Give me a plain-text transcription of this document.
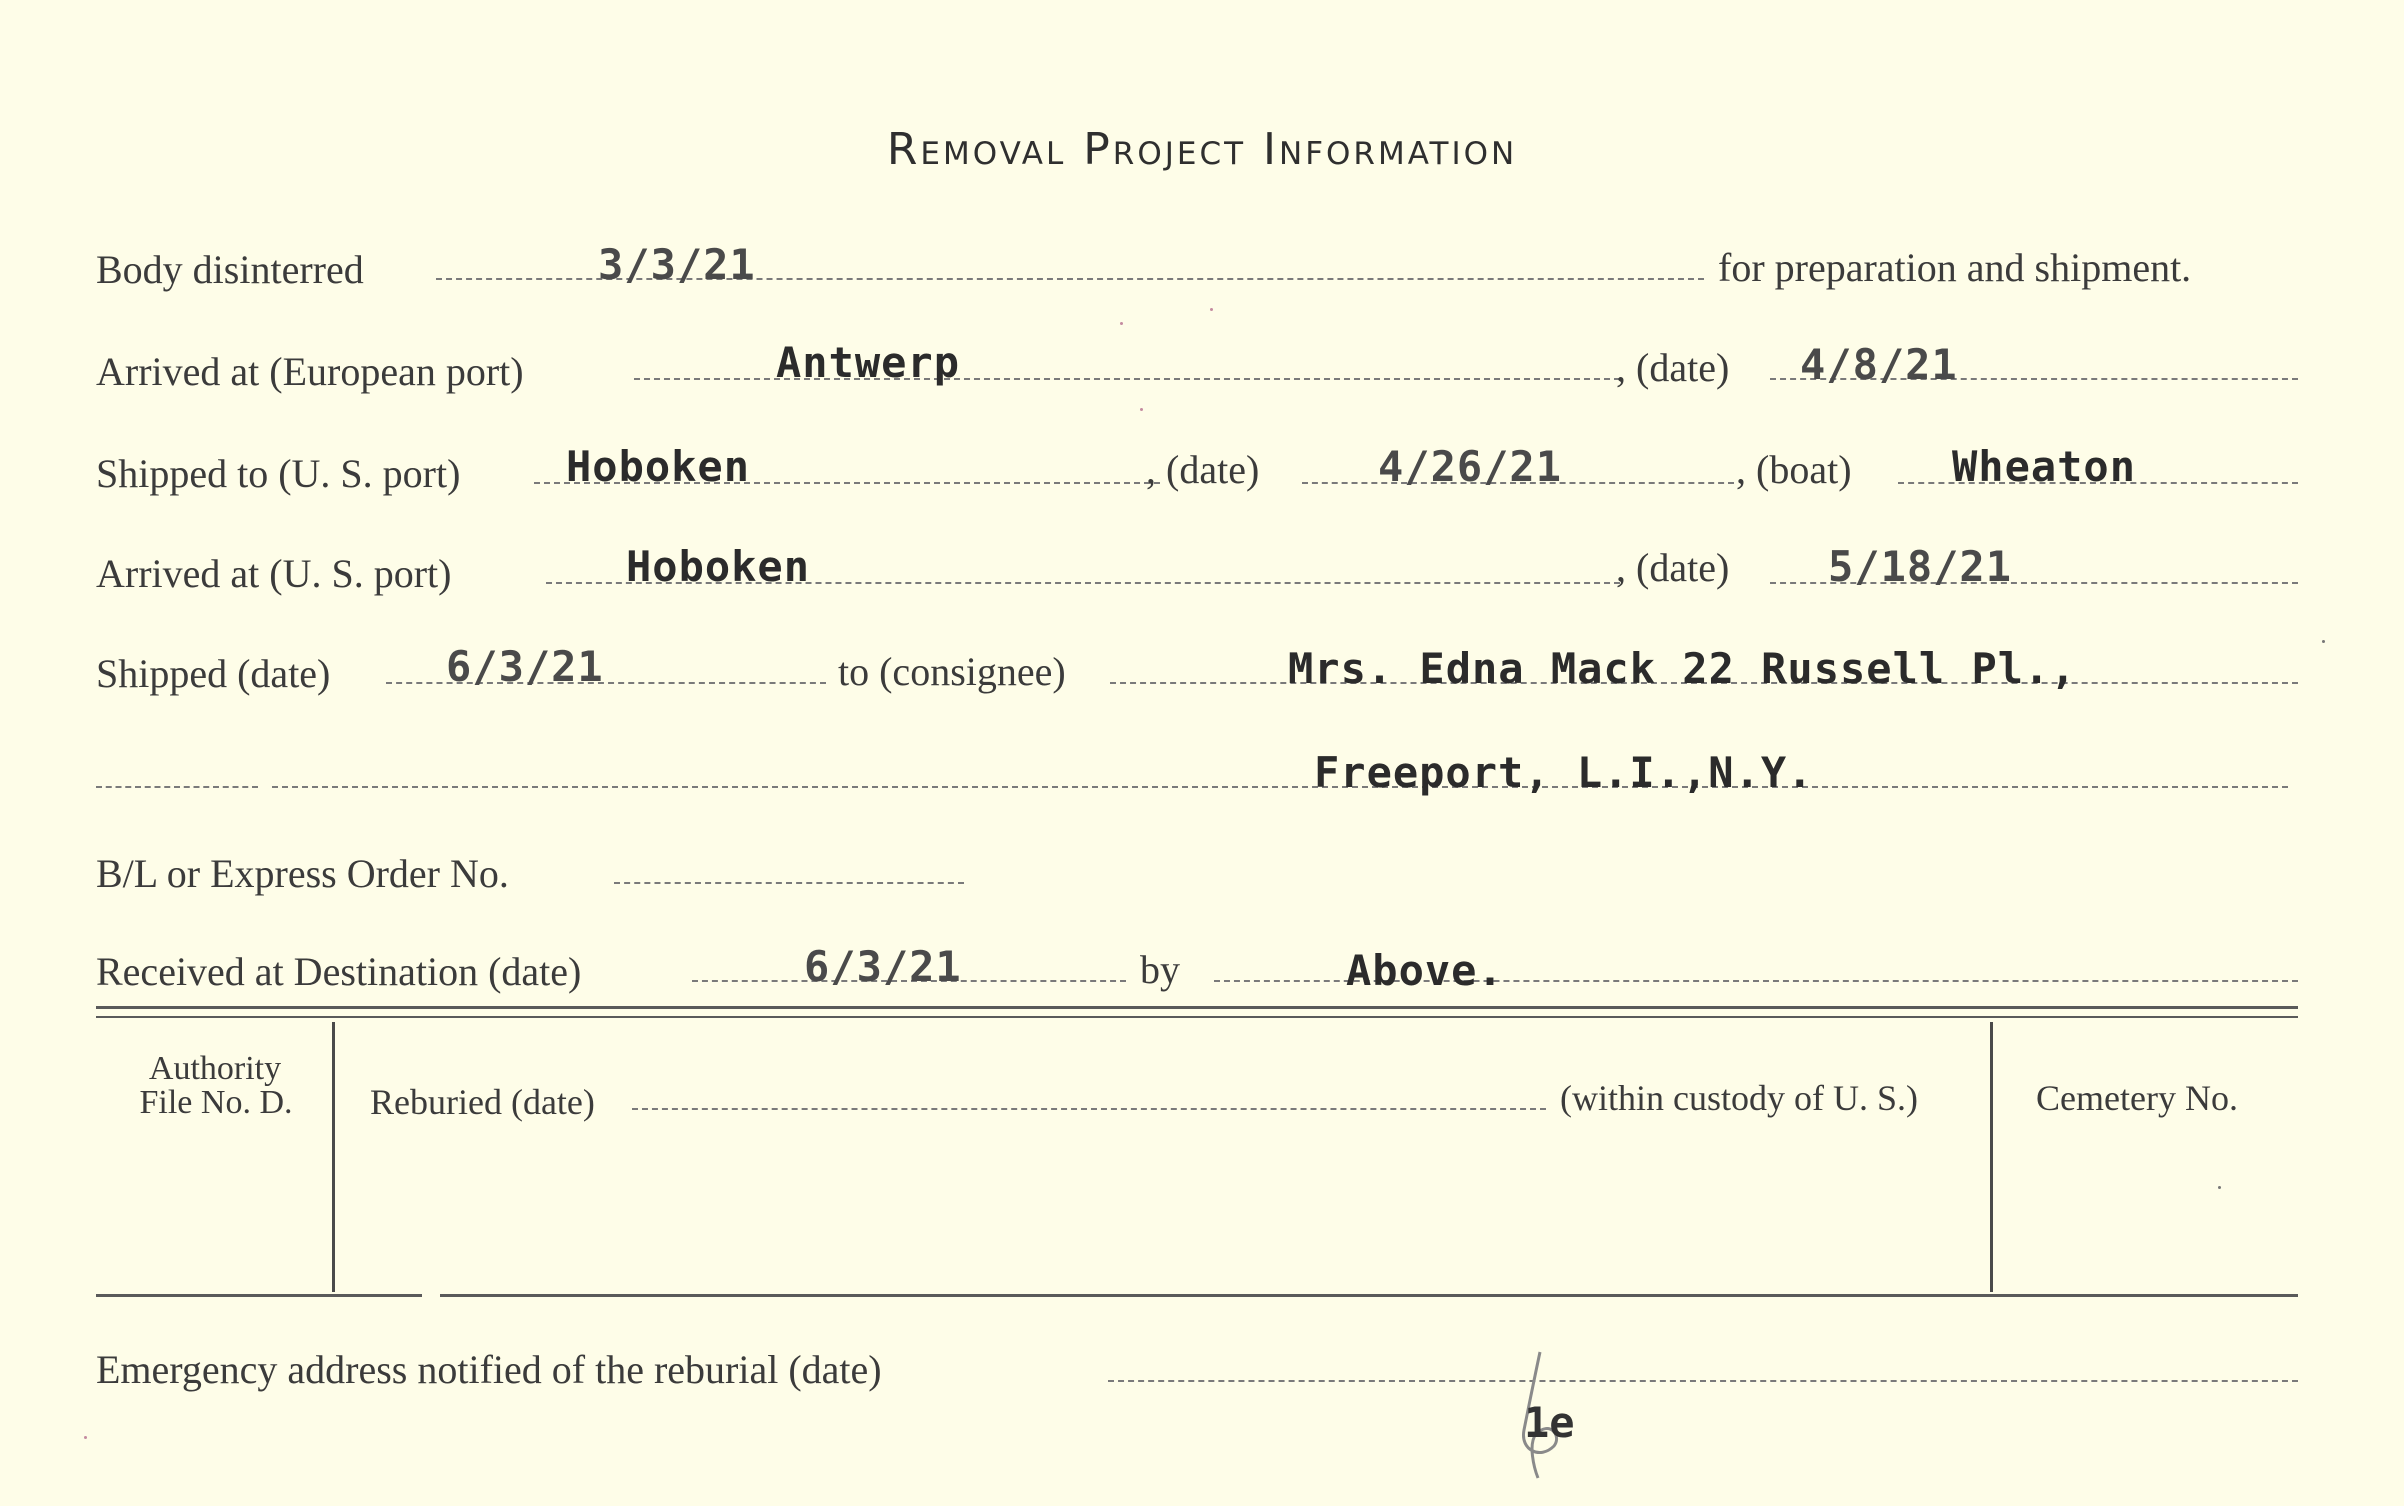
Removal Project Information
Body disinterred	3/3/21	for preparation and shipment.
Arrived at (European port)	Antwerp	, (date) 4/8/21
Shipped to (U. S. port)	Hoboken	, (date)	4/26/21	, (boat) Wheaton
Arrived at (U. S. port)	Hoboken	, (date) 5/18/21
Shipped (date)	6/3/21	to (consignee)	Mrs. Edna Mack 22 Russell Pl.,
Freeport, L.I.,N.Y.
B/L or Express Order No.
Received at Destination (date)	6/3/21	by	Above.
Authority
File No. D.	Reburied (date)	(within custody of U. S.)	Cemetery No.
Emergency address notified of the reburial (date)
1e
